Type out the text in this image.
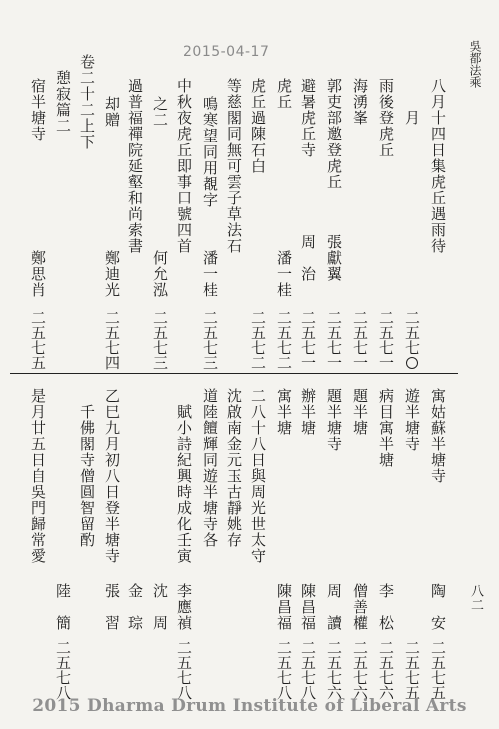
吳都法乘
八二
2015-04-17
八月十四日集虎丘遇雨待
月
二五七
雨後登虎丘
二五七一
海湧峯
二五七一
郭吏部邀登虎丘
張獻翼
二五七一
避暑虎丘寺
周　治
二五七一
虎丘
潘一桂
二五七二
虎丘過陳石白
二五七二
等慈閣同無可雲子草法石
鳴寒望同用覩字
潘一桂
二五七三
中秋夜虎丘即事口號四首
之二
何允泓
二五七三
過普福禪院延壑和尚索書
却贈
鄭迪光
二五七四
卷二十二上下
憩寂篇二
宿半塘寺
鄭思肖
二五七五
寓姑蘇半塘寺
陶　安
二五七五
遊半塘寺
二五七五
病目寓半塘
李　松
二五七六
題半塘
僧善權
二五七六
題半塘寺
周　讀
二五七六
辦半塘
陳昌福
二五七八
寓半塘
陳昌福
二五七八
二八十八日與周光世太守
沈啟南金元玉古靜姚存
道陸饘輝同遊半塘寺各
賦小詩紀興時成化壬寅
李應禎
二五七八
沈　周
金　琮
乙巳九月初八日登半塘寺
張　習
千佛閣寺僧圓智留酌
是月廿五日自吳門歸常愛
陸　簡
二五七八
2015 Dharma Drum Institute of Liberal Arts
